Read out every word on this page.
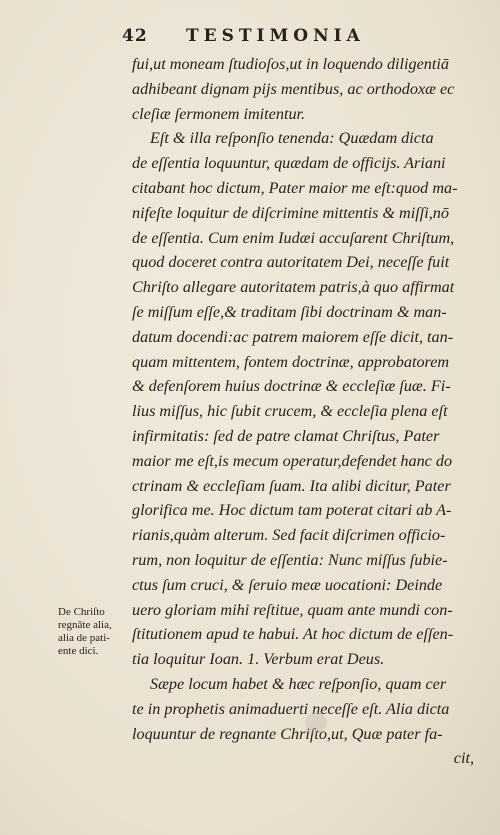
42	TESTIMONIA
fui,ut moneam ſtudioſos,ut in loquendo diligentiā
adhibeant dignam pijs mentibus, ac orthodoxæ ec
cleſiæ ſermonem imitentur.
Eſt & illa reſponſio tenenda: Quædam dicta
de eſſentia loquuntur, quædam de officijs. Ariani
citabant hoc dictum, Pater maior me eſt:quod ma-
nifeſte loquitur de diſcrimine mittentis & miſſi,nō
de eſſentia. Cum enim Iudæi accuſarent Chriſtum,
quod doceret contra autoritatem Dei, neceſſe fuit
Chriſto allegare autoritatem patris,à quo affirmat
ſe miſſum eſſe,& traditam ſibi doctrinam & man-
datum docendi:ac patrem maiorem eſſe dicit, tan-
quam mittentem, fontem doctrinæ, approbatorem
& defenſorem huius doctrinæ & eccleſiæ ſuæ. Fi-
lius miſſus, hic ſubit crucem, & eccleſia plena eſt
infirmitatis: ſed de patre clamat Chriſtus, Pater
maior me eſt,is mecum operatur,defendet hanc do
ctrinam & eccleſiam ſuam. Ita alibi dicitur, Pater
glorifica me. Hoc dictum tam poterat citari ab A-
rianis,quàm alterum. Sed facit diſcrimen officio-
rum, non loquitur de eſſentia: Nunc miſſus ſubie-
ctus ſum cruci, & ſeruio meæ uocationi: Deinde
uero gloriam mihi reſtitue, quam ante mundi con-
ſtitutionem apud te habui. At hoc dictum de eſſen-
tia loquitur Ioan. 1. Verbum erat Deus.
Sæpe locum habet & hæc reſponſio, quam cer
te in prophetis animaduerti neceſſe eſt. Alia dicta
loquuntur de regnante Chriſto,ut, Quæ pater fa-
cit,
De Chriſto
regnāte alia,
alia de pati-
ente dici.
